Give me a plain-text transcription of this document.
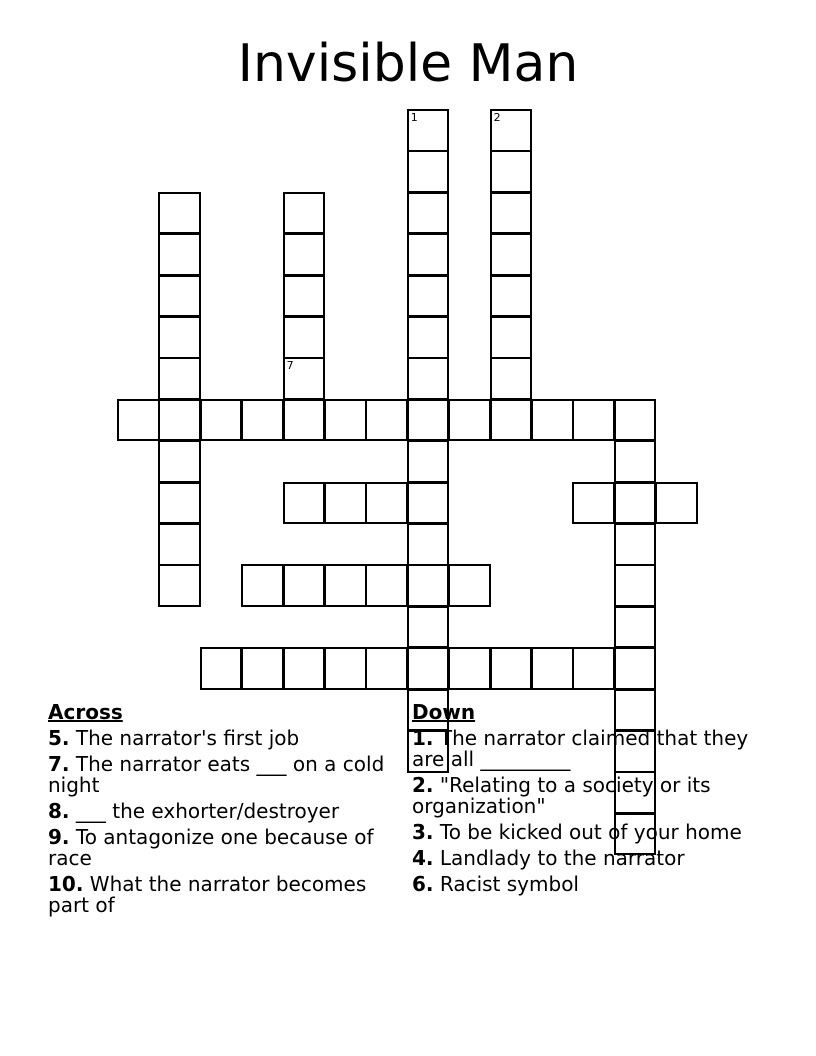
Invisible Man
7
1	2
Across
5. The narrator's first job
7. The narrator eats ___ on a cold night
8. ___ the exhorter/destroyer
9. To antagonize one because of race
10. What the narrator becomes part of
Down
1. The narrator claimed that they are all _________
2. "Relating to a society or its organization"
3. To be kicked out of your home
4. Landlady to the narrator
6. Racist symbol
